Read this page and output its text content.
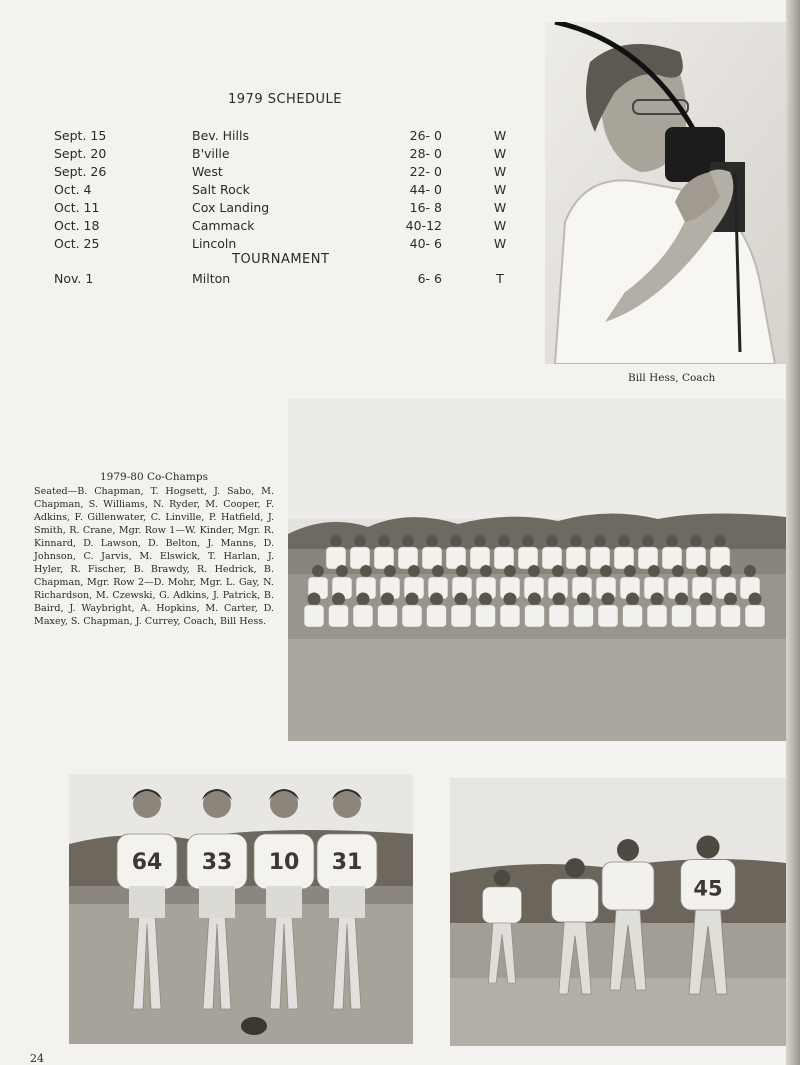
1979 SCHEDULE
Sept. 15	Bev. Hills	26- 0	W
Sept. 20	B'ville	28- 0	W
Sept. 26	West	22- 0	W
Oct. 4	Salt Rock	44- 0	W
Oct. 11	Cox Landing	16- 8	W
Oct. 18	Cammack	40-12	W
Oct. 25	Lincoln	40- 6	W
TOURNAMENT
Nov. 1	Milton	6- 6	T
Bill Hess, Coach
1979-80 Co-Champs
Seated—B. Chapman, T. Hogsett, J. Sabo, M. Chapman, S. Williams, N. Ryder, M. Cooper, F. Adkins, F. Gillenwater, C. Linville, P. Hatfield, J. Smith, R. Crane, Mgr. Row 1—W. Kinder, Mgr. R. Kinnard, D. Lawson, D. Belton, J. Manns, D. Johnson, C. Jarvis, M. Elswick, T. Harlan, J. Hyler, R. Fischer, B. Brawdy, R. Hedrick, B. Chapman, Mgr. Row 2—D. Mohr, Mgr. L. Gay, N. Richardson, M. Czewski, G. Adkins, J. Patrick, B. Baird, J. Waybright, A. Hopkins, M. Carter, D. Maxey, S. Chapman, J. Currey, Coach, Bill Hess.
64 33 10 31
45
24
